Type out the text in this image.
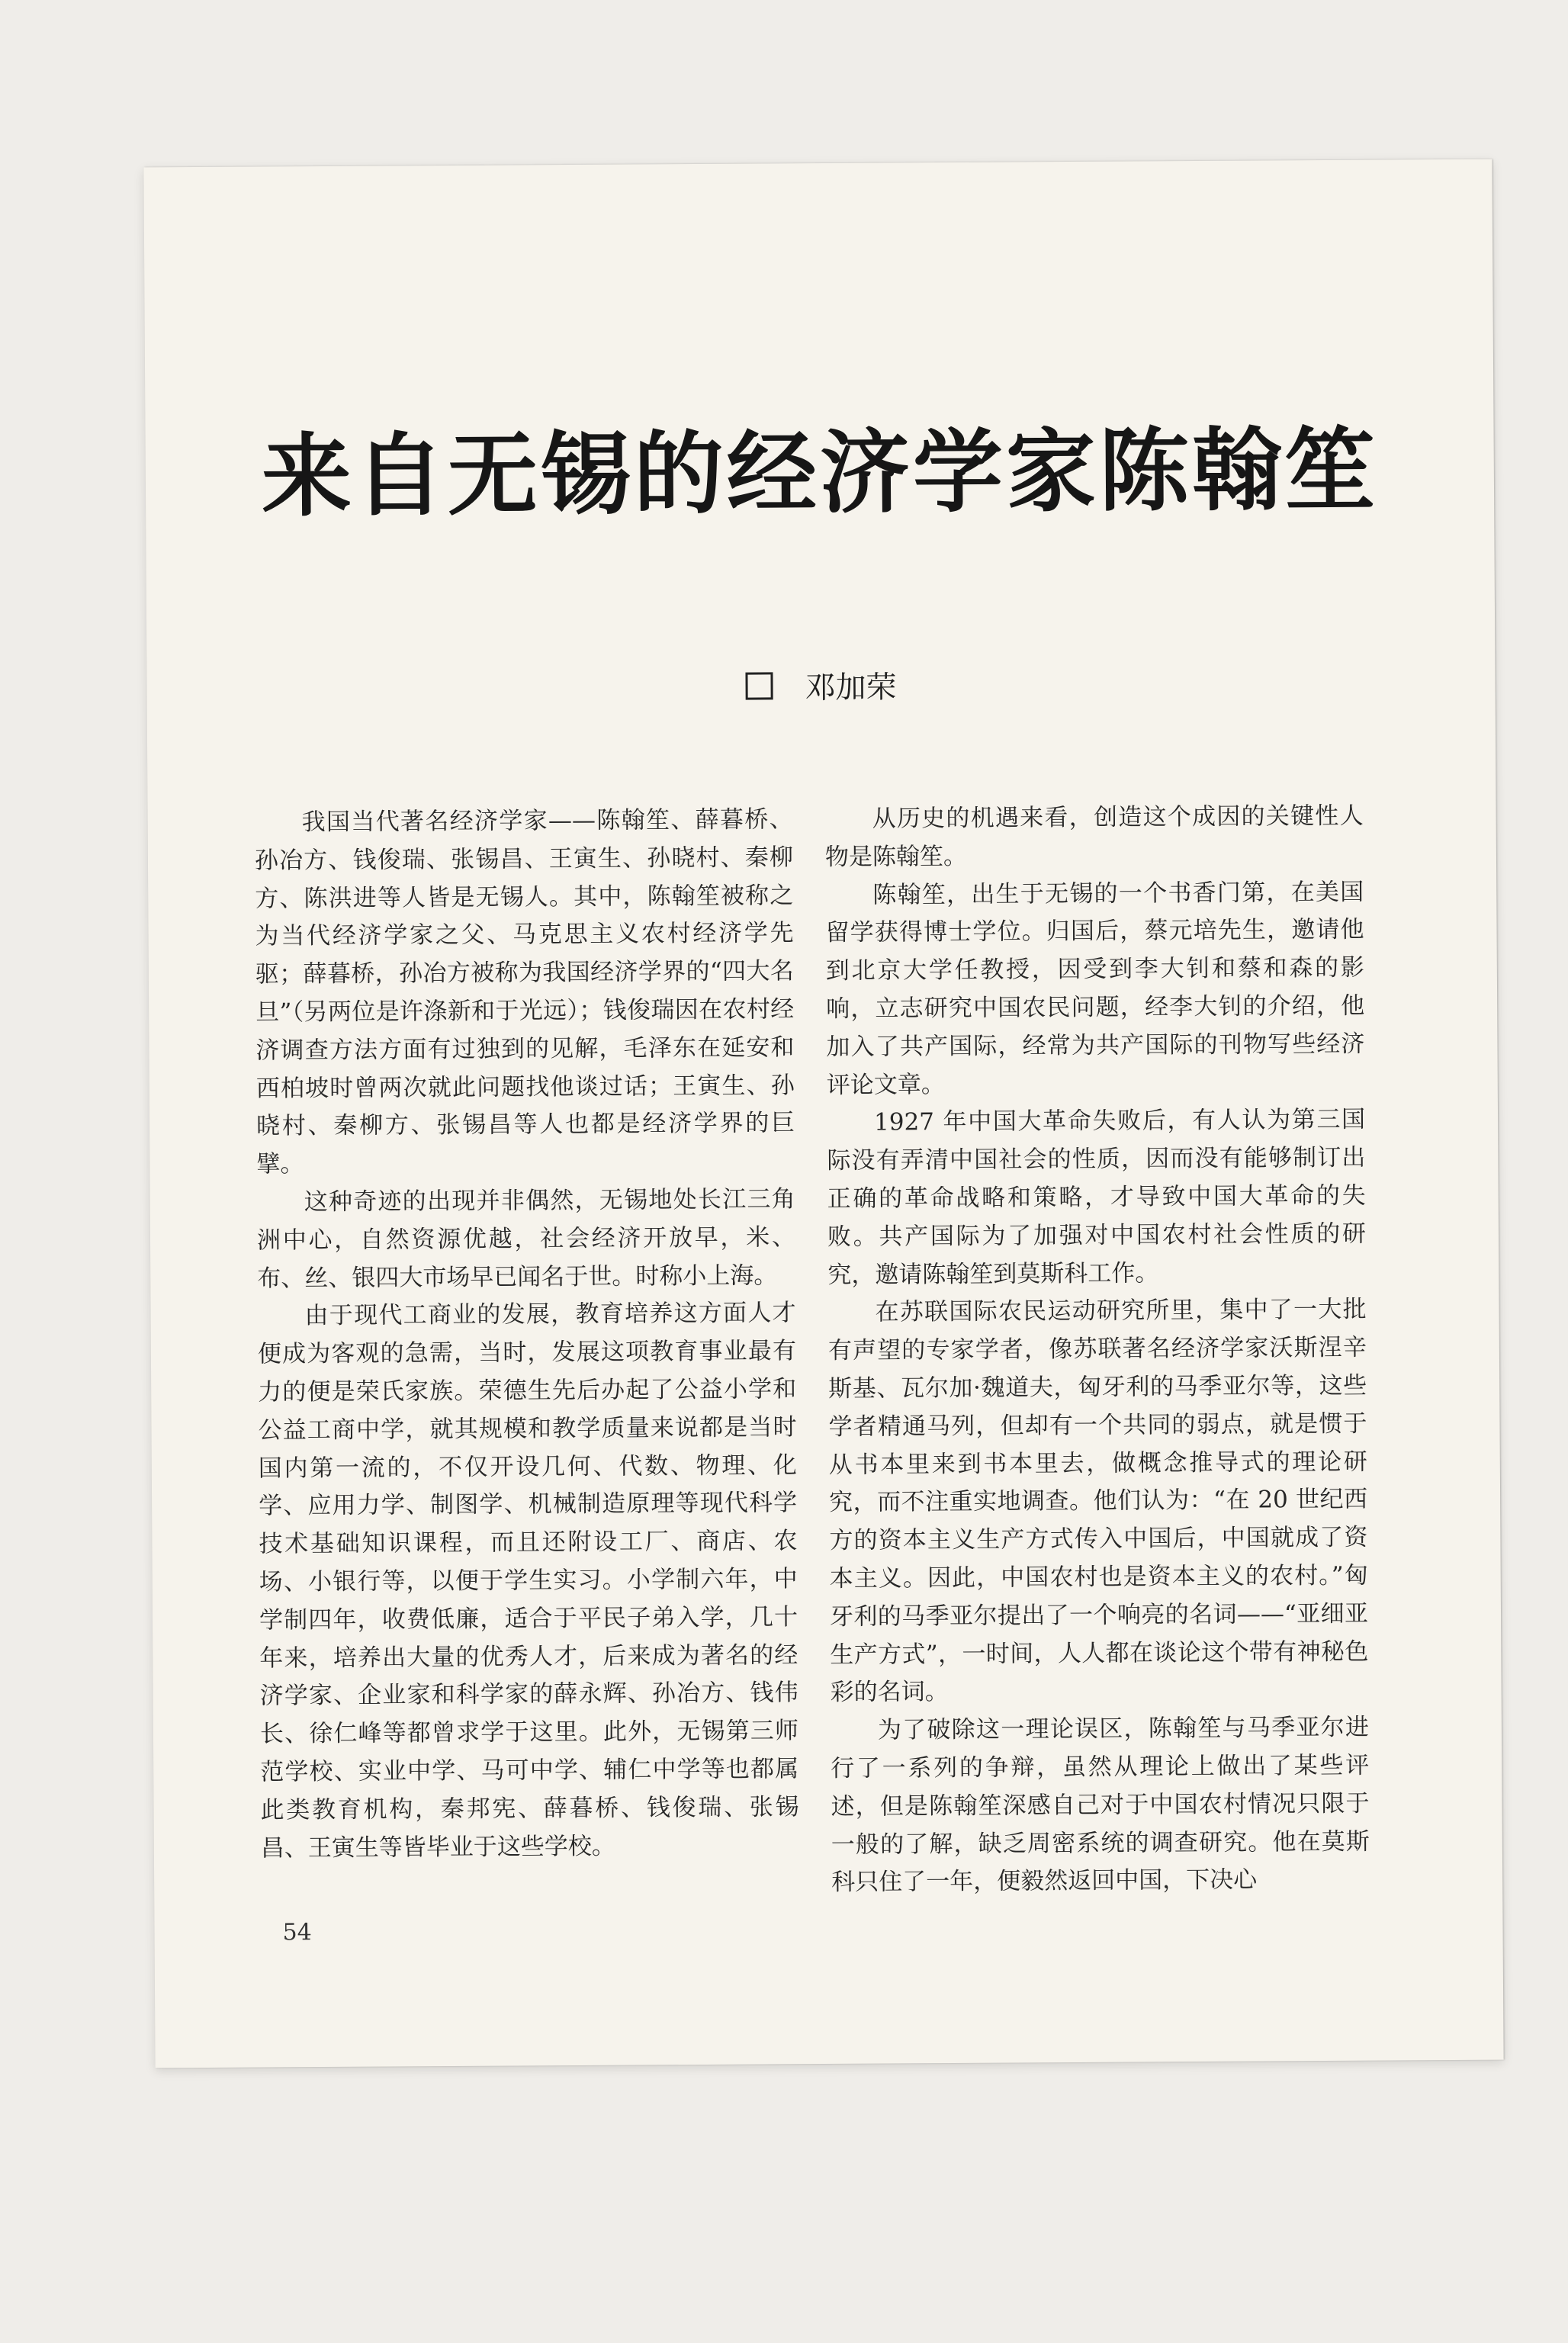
来自无锡的经济学家陈翰笙
邓加荣

我国当代著名经济学家——陈翰笙、薛暮桥、孙冶方、钱俊瑞、张锡昌、王寅生、孙晓村、秦柳方、陈洪进等人皆是无锡人。其中，陈翰笙被称之为当代经济学家之父、马克思主义农村经济学先驱；薛暮桥，孙冶方被称为我国经济学界的“四大名旦”（另两位是许涤新和于光远）；钱俊瑞因在农村经济调查方法方面有过独到的见解，毛泽东在延安和西柏坡时曾两次就此问题找他谈过话；王寅生、孙晓村、秦柳方、张锡昌等人也都是经济学界的巨擘。

这种奇迹的出现并非偶然，无锡地处长江三角洲中心，自然资源优越，社会经济开放早，米、布、丝、银四大市场早已闻名于世。时称小上海。

由于现代工商业的发展，教育培养这方面人才便成为客观的急需，当时，发展这项教育事业最有力的便是荣氏家族。荣德生先后办起了公益小学和公益工商中学，就其规模和教学质量来说都是当时国内第一流的，不仅开设几何、代数、物理、化学、应用力学、制图学、机械制造原理等现代科学技术基础知识课程，而且还附设工厂、商店、农场、小银行等，以便于学生实习。小学制六年，中学制四年，收费低廉，适合于平民子弟入学，几十年来，培养出大量的优秀人才，后来成为著名的经济学家、企业家和科学家的薛永辉、孙冶方、钱伟长、徐仁峰等都曾求学于这里。此外，无锡第三师范学校、实业中学、马可中学、辅仁中学等也都属此类教育机构，秦邦宪、薛暮桥、钱俊瑞、张锡昌、王寅生等皆毕业于这些学校。

从历史的机遇来看，创造这个成因的关键性人物是陈翰笙。

陈翰笙，出生于无锡的一个书香门第，在美国留学获得博士学位。归国后，蔡元培先生，邀请他到北京大学任教授，因受到李大钊和蔡和森的影响，立志研究中国农民问题，经李大钊的介绍，他加入了共产国际，经常为共产国际的刊物写些经济评论文章。

1927 年中国大革命失败后，有人认为第三国际没有弄清中国社会的性质，因而没有能够制订出正确的革命战略和策略，才导致中国大革命的失败。共产国际为了加强对中国农村社会性质的研究，邀请陈翰笙到莫斯科工作。

在苏联国际农民运动研究所里，集中了一大批有声望的专家学者，像苏联著名经济学家沃斯涅辛斯基、瓦尔加·魏道夫，匈牙利的马季亚尔等，这些学者精通马列，但却有一个共同的弱点，就是惯于从书本里来到书本里去，做概念推导式的理论研究，而不注重实地调查。他们认为：“在 20 世纪西方的资本主义生产方式传入中国后，中国就成了资本主义。因此，中国农村也是资本主义的农村。”匈牙利的马季亚尔提出了一个响亮的名词——“亚细亚生产方式”，一时间，人人都在谈论这个带有神秘色彩的名词。

为了破除这一理论误区，陈翰笙与马季亚尔进行了一系列的争辩，虽然从理论上做出了某些评述，但是陈翰笙深感自己对于中国农村情况只限于一般的了解，缺乏周密系统的调查研究。他在莫斯科只住了一年，便毅然返回中国，下决心

54
